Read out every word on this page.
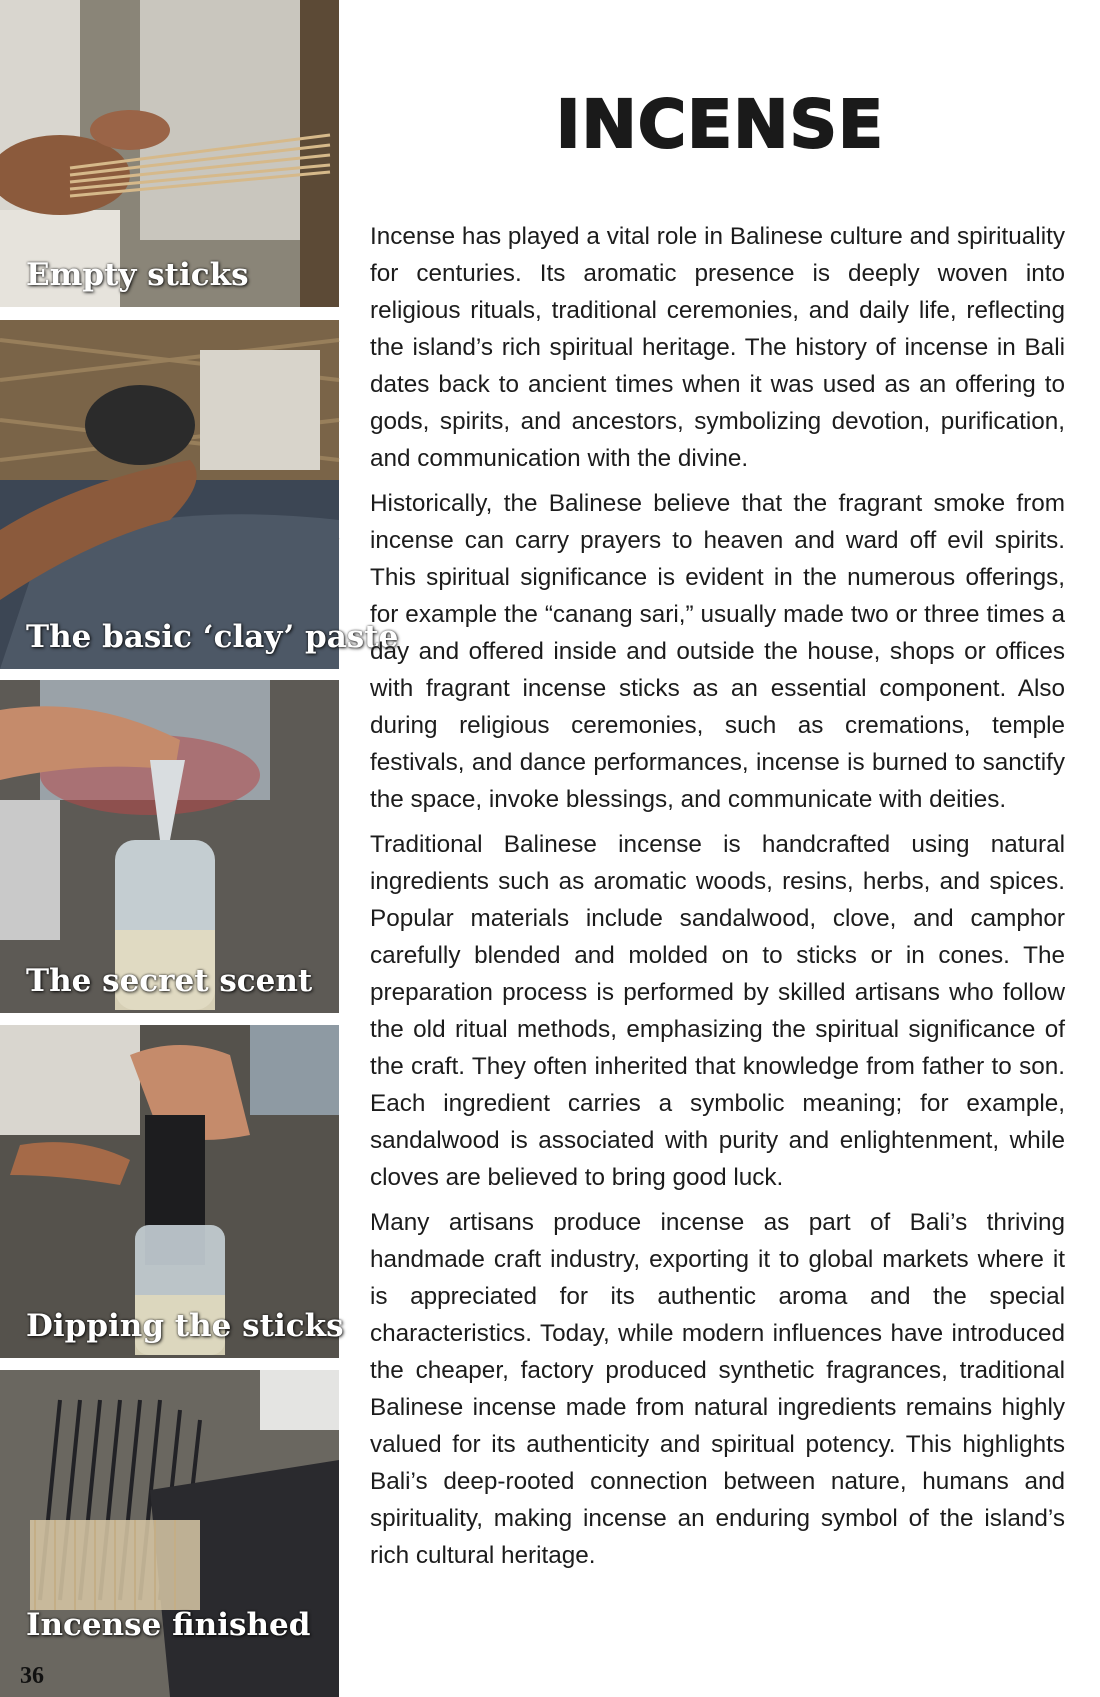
Empty sticks
The basic ‘clay’ paste
The secret scent
Dipping the sticks
Incense finished
36
INCENSE

Incense has played a vital role in Balinese culture and spirituality for centuries. Its aromatic presence is deeply woven into religious rituals, traditional ceremonies, and daily life, reflecting the island’s rich spiritual heritage. The history of incense in Bali dates back to ancient times when it was used as an offering to gods, spirits, and ancestors, symbolizing devotion, purification, and communication with the divine.

Historically, the Balinese believe that the fragrant smoke from incense can carry prayers to heaven and ward off evil spirits. This spiritual significance is evident in the numerous offerings, for example the “canang sari,” usually made two or three times a day and offered inside and outside the house, shops or offices with fragrant incense sticks as an essential component. Also during religious ceremonies, such as cremations, temple festivals, and dance performances, incense is burned to sanctify the space, invoke blessings, and communicate with deities.

Traditional Balinese incense is handcrafted using natural ingredients such as aromatic woods, resins, herbs, and spices. Popular materials include sandalwood, clove, and camphor carefully blended and molded on to sticks or in cones. The preparation process is performed by skilled artisans who follow the old ritual methods, emphasizing the spiritual significance of the craft. They often inherited that knowledge from father to son. Each ingredient carries a symbolic meaning; for example, sandalwood is associated with purity and enlightenment, while cloves are believed to bring good luck.

Many artisans produce incense as part of Bali’s thriving handmade craft industry, exporting it to global markets where it is appreciated for its authentic aroma and the special characteristics. Today, while modern influences have introduced the cheaper, factory produced synthetic fragrances, traditional Balinese incense made from natural ingredients remains highly valued for its authenticity and spiritual potency. This highlights Bali’s deep-rooted connection between nature, humans and spirituality, making incense an enduring symbol of the island’s rich cultural heritage.
